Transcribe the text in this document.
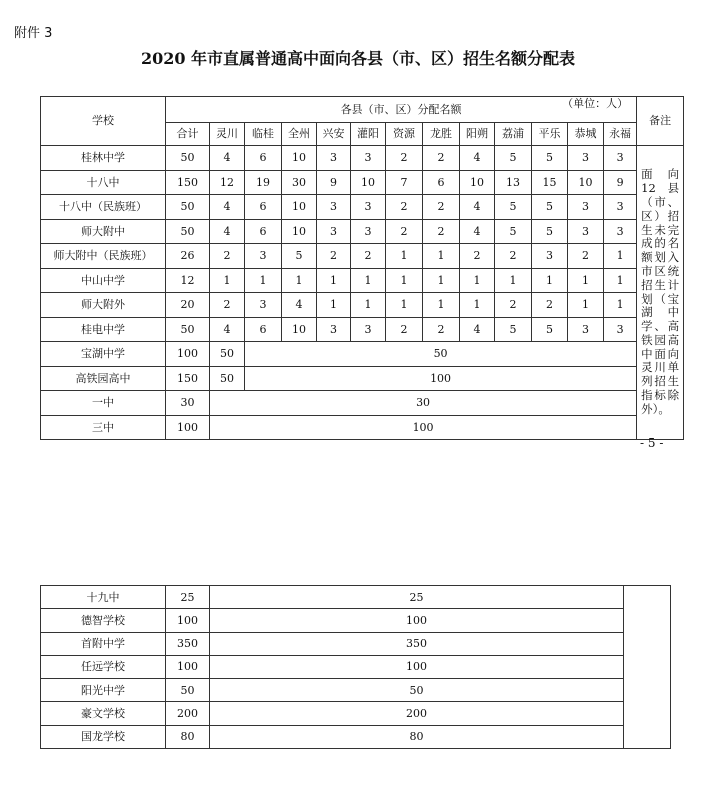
附件 3
2020 年市直属普通高中面向各县（市、区）招生名额分配表
学校	各县（市、区）分配名额 （单位：人）													备注
	合计	灵川	临桂	全州	兴安	灌阳	资源	龙胜	阳朔	荔浦	平乐	恭城	永福	
桂林中学	50	4	6	10	3	3	2	2	4	5	5	3	3	面向 12 县（市、区）招生未完成的名额划入市区统招生计划（宝湖中学、高铁园高中面向灵川单列招生指标除外）。
十八中	150	12	19	30	9	10	7	6	10	13	15	10	9	
十八中（民族班）	50	4	6	10	3	3	2	2	4	5	5	3	3	
师大附中	50	4	6	10	3	3	2	2	4	5	5	3	3	
师大附中（民族班）	26	2	3	5	2	2	1	1	2	2	3	2	1	
中山中学	12	1	1	1	1	1	1	1	1	1	1	1	1	
师大附外	20	2	3	4	1	1	1	1	1	2	2	1	1	
桂电中学	50	4	6	10	3	3	2	2	4	5	5	3	3	
宝湖中学	100	50	50											
高铁园高中	150	50	100											
一中	30	30												
三中	100	100												
- 5 -
十九中	25	25	
德智学校	100	100	
首附中学	350	350	
任远学校	100	100	
阳光中学	50	50	
豪文学校	200	200	
国龙学校	80	80	
